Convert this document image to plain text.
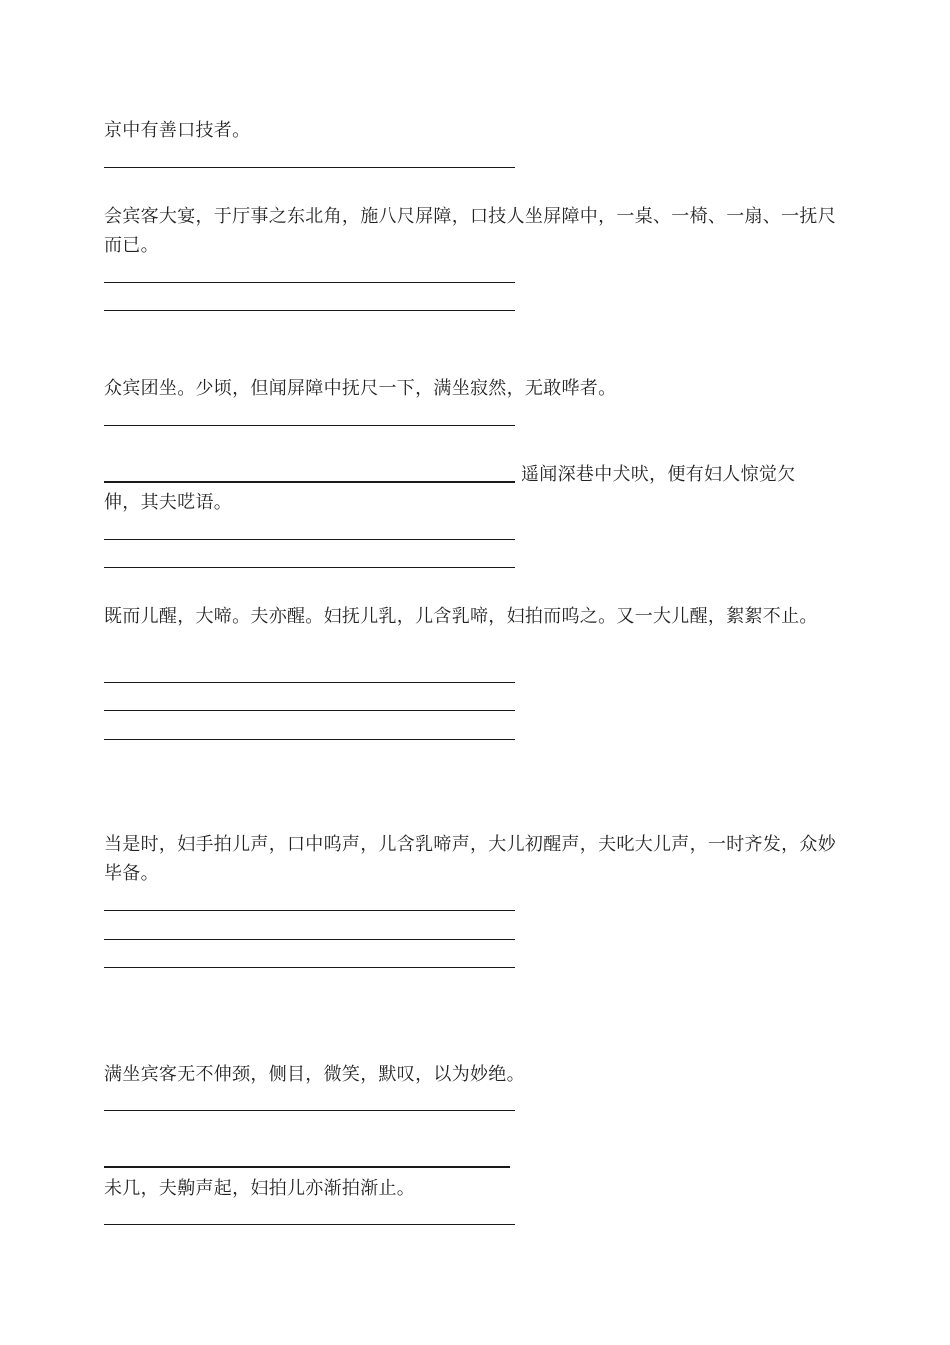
京中有善口技者。

会宾客大宴，于厅事之东北角，施八尺屏障，口技人坐屏障中，一桌、一椅、一扇、一抚尺而已。

众宾团坐。少顷，但闻屏障中抚尺一下，满坐寂然，无敢哗者。

遥闻深巷中犬吠，便有妇人惊觉欠

伸，其夫呓语。

既而儿醒，大啼。夫亦醒。妇抚儿乳，儿含乳啼，妇拍而呜之。又一大儿醒，絮絮不止。

当是时，妇手拍儿声，口中呜声，儿含乳啼声，大儿初醒声，夫叱大儿声，一时齐发，众妙毕备。

满坐宾客无不伸颈，侧目，微笑，默叹，以为妙绝。

未几，夫齁声起，妇拍儿亦渐拍渐止。
